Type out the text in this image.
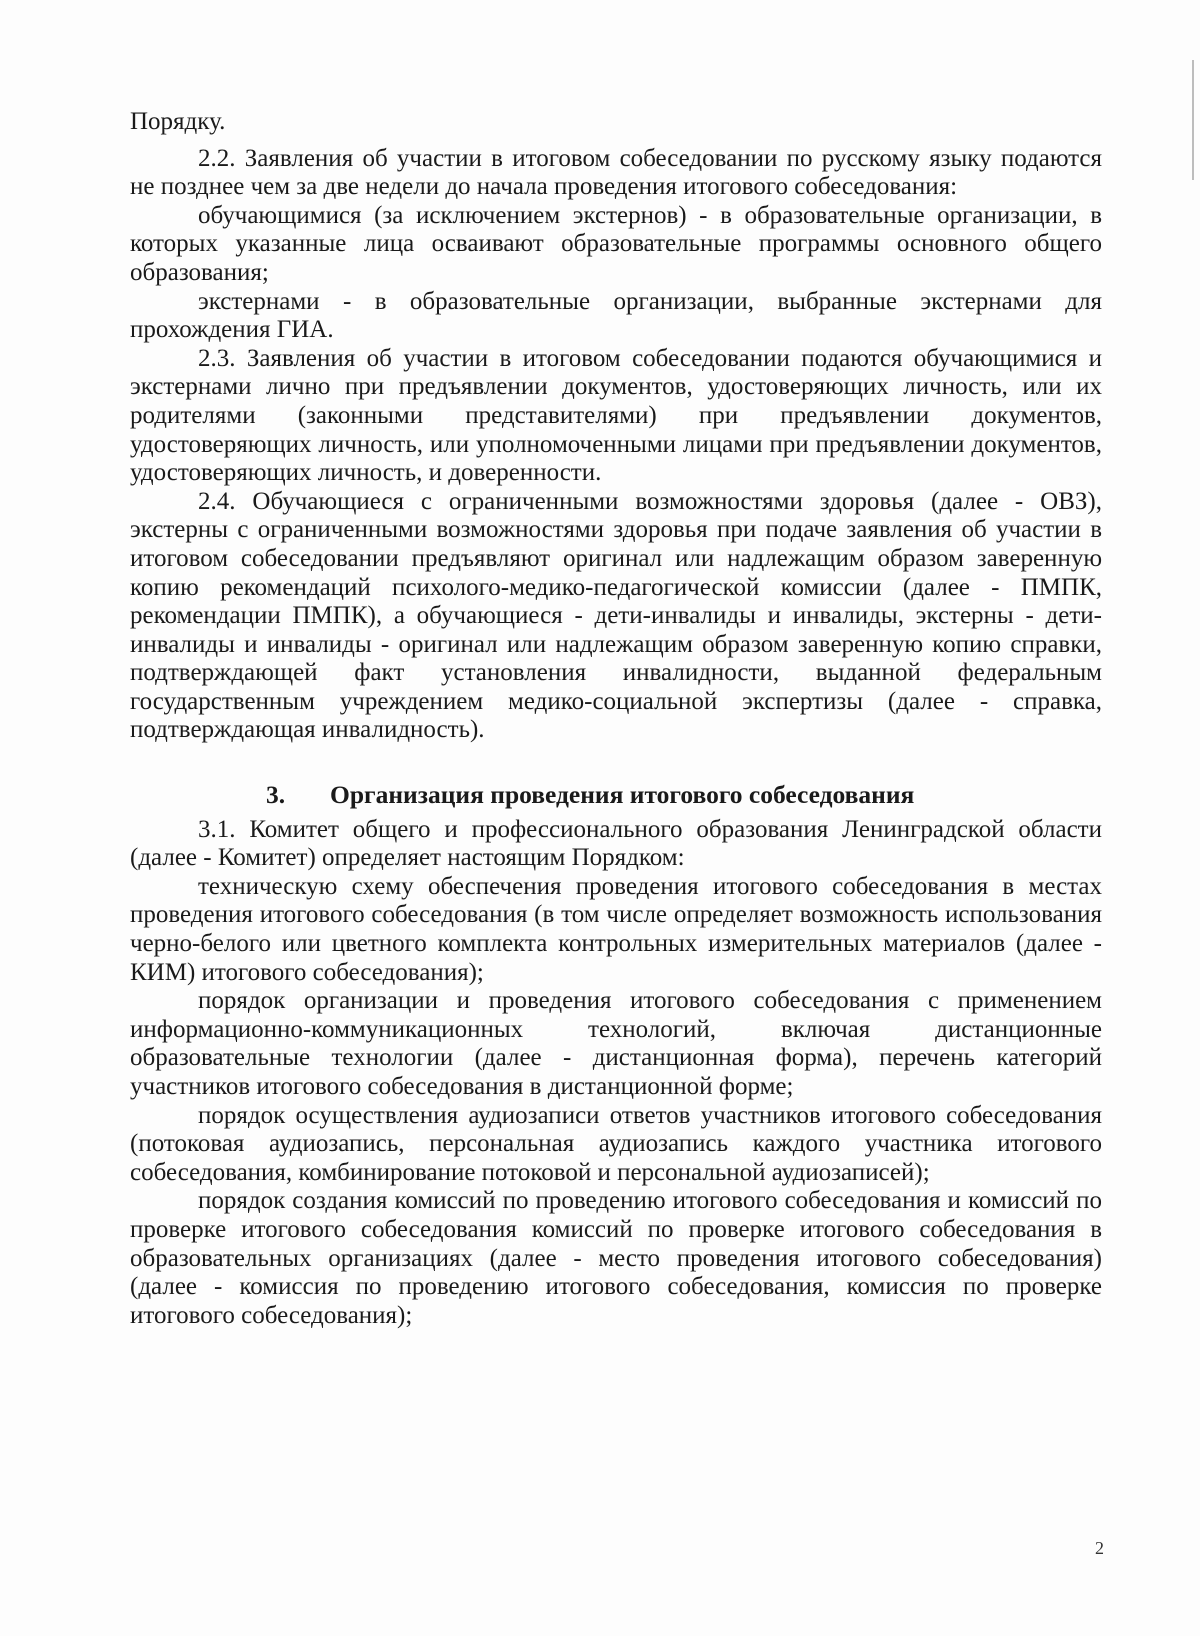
Порядку.

2.2. Заявления об участии в итоговом собеседовании по русскому языку подаются не позднее чем за две недели до начала проведения итогового собеседования:

обучающимися (за исключением экстернов) - в образовательные организации, в которых указанные лица осваивают образовательные программы основного общего образования;

экстернами - в образовательные организации, выбранные экстернами для прохождения ГИА.

2.3. Заявления об участии в итоговом собеседовании подаются обучающимися и экстернами лично при предъявлении документов, удостоверяющих личность, или их родителями (законными представителями) при предъявлении документов, удостоверяющих личность, или уполномоченными лицами при предъявлении документов, удостоверяющих личность, и доверенности.

2.4. Обучающиеся с ограниченными возможностями здоровья (далее - ОВЗ), экстерны с ограниченными возможностями здоровья при подаче заявления об участии в итоговом собеседовании предъявляют оригинал или надлежащим образом заверенную копию рекомендаций психолого-медико-педагогической комиссии (далее - ПМПК, рекомендации ПМПК), а обучающиеся - дети-инвалиды и инвалиды, экстерны - дети-инвалиды и инвалиды - оригинал или надлежащим образом заверенную копию справки, подтверждающей факт установления инвалидности, выданной федеральным государственным учреждением медико-социальной экспертизы (далее - справка, подтверждающая инвалидность).

3. Организация проведения итогового собеседования

3.1. Комитет общего и профессионального образования Ленинградской области (далее - Комитет) определяет настоящим Порядком:

техническую схему обеспечения проведения итогового собеседования в местах проведения итогового собеседования (в том числе определяет возможность использования черно-белого или цветного комплекта контрольных измерительных материалов (далее - КИМ) итогового собеседования);

порядок организации и проведения итогового собеседования с применением информационно-коммуникационных технологий, включая дистанционные образовательные технологии (далее - дистанционная форма), перечень категорий участников итогового собеседования в дистанционной форме;

порядок осуществления аудиозаписи ответов участников итогового собеседования (потоковая аудиозапись, персональная аудиозапись каждого участника итогового собеседования, комбинирование потоковой и персональной аудиозаписей);

порядок создания комиссий по проведению итогового собеседования и комиссий по проверке итогового собеседования комиссий по проверке итогового собеседования в образовательных организациях (далее - место проведения итогового собеседования) (далее - комиссия по проведению итогового собеседования, комиссия по проверке итогового собеседования);

2
